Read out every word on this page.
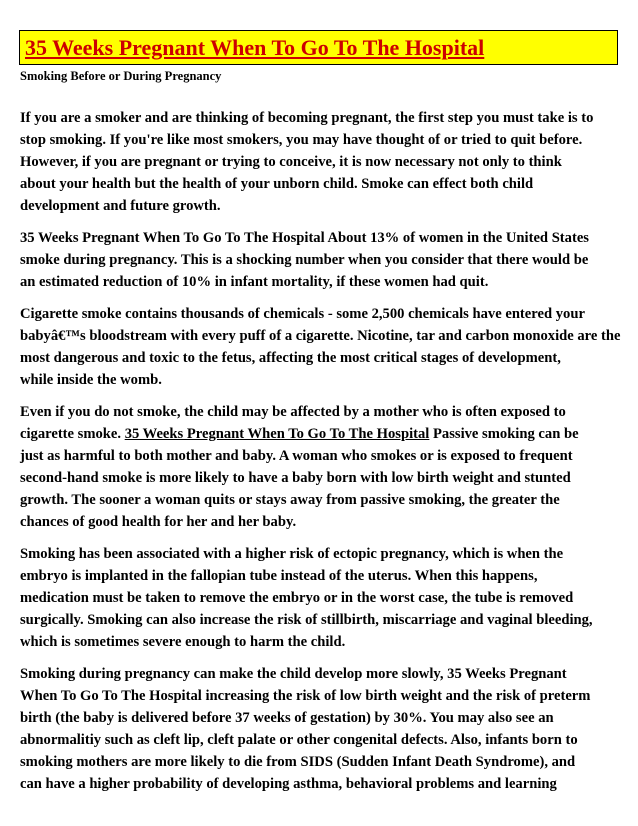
35 Weeks Pregnant When To Go To The Hospital
Smoking Before or During Pregnancy
If you are a smoker and are thinking of becoming pregnant, the first step you must take is to
stop smoking. If you're like most smokers, you may have thought of or tried to quit before.
However, if you are pregnant or trying to conceive, it is now necessary not only to think
about your health but the health of your unborn child. Smoke can effect both child
development and future growth.
35 Weeks Pregnant When To Go To The Hospital About 13% of women in the United States
smoke during pregnancy. This is a shocking number when you consider that there would be
an estimated reduction of 10% in infant mortality, if these women had quit.
Cigarette smoke contains thousands of chemicals - some 2,500 chemicals have entered your
babyâ€™s bloodstream with every puff of a cigarette. Nicotine, tar and carbon monoxide are the
most dangerous and toxic to the fetus, affecting the most critical stages of development,
while inside the womb.
Even if you do not smoke, the child may be affected by a mother who is often exposed to
cigarette smoke. 35 Weeks Pregnant When To Go To The Hospital Passive smoking can be
just as harmful to both mother and baby. A woman who smokes or is exposed to frequent
second-hand smoke is more likely to have a baby born with low birth weight and stunted
growth. The sooner a woman quits or stays away from passive smoking, the greater the
chances of good health for her and her baby.
Smoking has been associated with a higher risk of ectopic pregnancy, which is when the
embryo is implanted in the fallopian tube instead of the uterus. When this happens,
medication must be taken to remove the embryo or in the worst case, the tube is removed
surgically. Smoking can also increase the risk of stillbirth, miscarriage and vaginal bleeding,
which is sometimes severe enough to harm the child.
Smoking during pregnancy can make the child develop more slowly, 35 Weeks Pregnant
When To Go To The Hospital increasing the risk of low birth weight and the risk of preterm
birth (the baby is delivered before 37 weeks of gestation) by 30%. You may also see an
abnormalitiy such as cleft lip, cleft palate or other congenital defects. Also, infants born to
smoking mothers are more likely to die from SIDS (Sudden Infant Death Syndrome), and
can have a higher probability of developing asthma, behavioral problems and learning
